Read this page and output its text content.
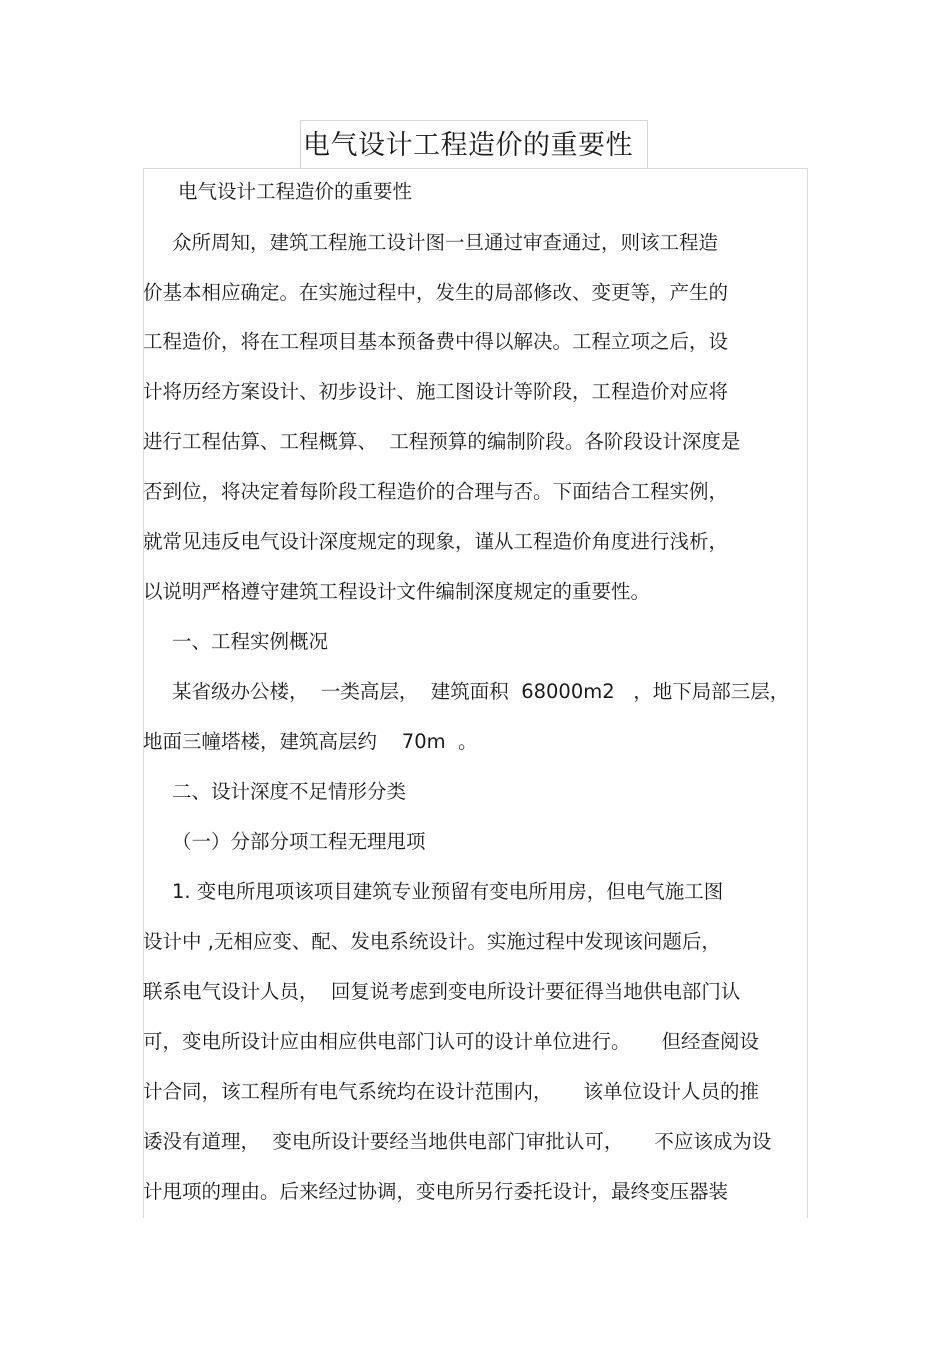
电气设计工程造价的重要性
电气设计工程造价的重要性
众所周知，建筑工程施工设计图一旦通过审查通过，则该工程造
价基本相应确定。在实施过程中，发生的局部修改、变更等，产生的
工程造价，将在工程项目基本预备费中得以解决。工程立项之后，设
计将历经方案设计、初步设计、施工图设计等阶段，工程造价对应将
进行工程估算、工程概算、  工程预算的编制阶段。各阶段设计深度是
否到位，将决定着每阶段工程造价的合理与否。下面结合工程实例，
就常见违反电气设计深度规定的现象，谨从工程造价角度进行浅析，
以说明严格遵守建筑工程设计文件编制深度规定的重要性。
一、工程实例概况
某省级办公楼，  一类高层，  建筑面积  68000m2   ，地下局部三层，
地面三幢塔楼，建筑高层约    70m  。
二、设计深度不足情形分类
（一）分部分项工程无理甩项
1. 变电所甩项该项目建筑专业预留有变电所用房，但电气施工图
设计中 ,无相应变、配、发电系统设计。实施过程中发现该问题后，
联系电气设计人员，  回复说考虑到变电所设计要征得当地供电部门认
可，变电所设计应由相应供电部门认可的设计单位进行。     但经查阅设
计合同，该工程所有电气系统均在设计范围内，     该单位设计人员的推
诿没有道理，  变电所设计要经当地供电部门审批认可，     不应该成为设
计甩项的理由。后来经过协调，变电所另行委托设计，最终变压器装
